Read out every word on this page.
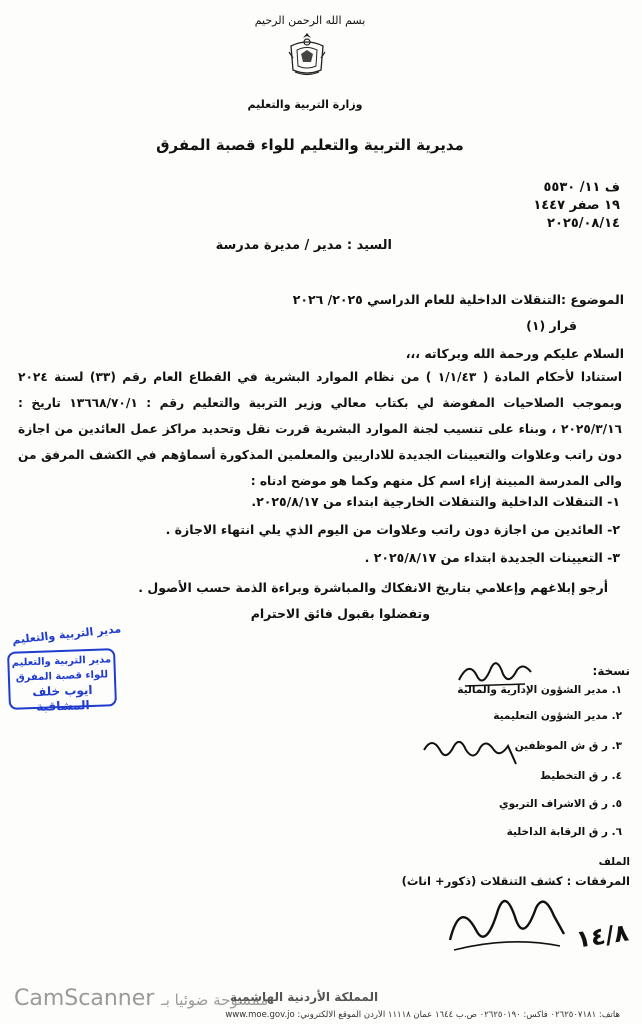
بسم الله الرحمن الرحيم
وزارة التربية والتعليم
مديرية التربية والتعليم للواء قصبة المفرق
ف ١١/ ٥٥٣٠
١٩ صفر ١٤٤٧
٢٠٢٥/٠٨/١٤
السيد : مدير / مديرة مدرسة
الموضوع :التنقلات الداخلية للعام الدراسي ٢٠٢٥/ ٢٠٢٦
قرار (١)
السلام عليكم ورحمة الله وبركاته ،،،
استنادا لأحكام المادة ( ١/١/٤٣ ) من نظام الموارد البشرية في القطاع العام رقم (٣٣) لسنة ٢٠٢٤ وبموجب الصلاحيات المفوضة لي بكتاب معالي وزير التربية والتعليم رقم : ١٣٦٦٨/٧٠/١ تاريخ : ٢٠٢٥/٣/١٦ ، وبناء على تنسيب لجنة الموارد البشرية قررت نقل وتحديد مراكز عمل العائدين من اجازة دون راتب وعلاوات والتعيينات الجديدة للاداريين والمعلمين المذكورة أسماؤهم في الكشف المرفق من والى المدرسة المبينة إزاء اسم كل منهم وكما هو موضح ادناه :
١- التنقلات الداخلية والتنقلات الخارجية ابتداء من ٢٠٢٥/٨/١٧.
٢- العائدين من اجازة دون راتب وعلاوات من اليوم الذي يلي انتهاء الاجازة .
٣- التعيينات الجديدة ابتداء من ٢٠٢٥/٨/١٧ .
أرجو إبلاغهم وإعلامي بتاريخ الانفكاك والمباشرة وبراءة الذمة حسب الأصول .
وتفضلوا بقبول فائق الاحترام
مدير التربية والتعليم
مدير التربية والتعليم
للواء قصبة المفرق
ايوب خلف المشاقبة
نسخة:
١. مدير الشؤون الإدارية والمالية
٢. مدير الشؤون التعليمية
٣. ر ق ش الموظفين
٤. ر ق التخطيط
٥. ر ق الاشراف التربوي
٦. ر ق الرقابة الداخلية
الملف
المرفقات : كشف التنقلات (ذكور+ اناث)
١٤/٨
CamScanner ممسوحة ضوئيا بـ
المملكة الأردنية الهاشمية
هاتف: ٠٢٦٢٥٠٧١٨١ فاكس: ٠٢٦٢٥٠١٩٠ ص.ب ١٦٤٤ عمان ١١١١٨ الأردن الموقع الالكتروني: www.moe.gov.jo
